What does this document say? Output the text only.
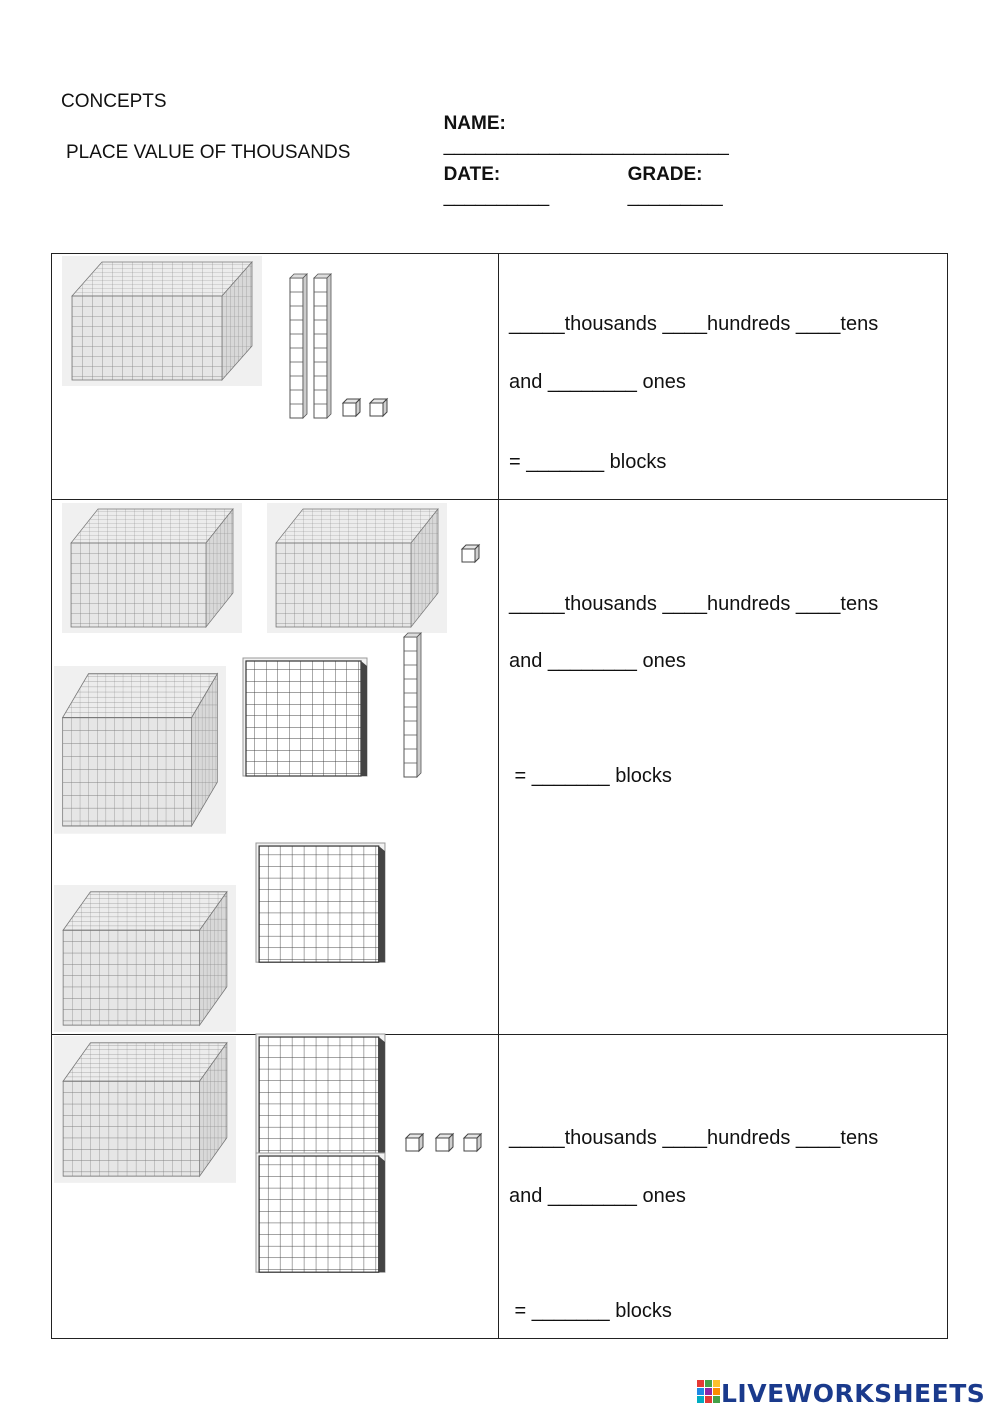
CONCEPTS
PLACE VALUE OF THOUSANDS

NAME:
___________________________

DATE:
__________

GRADE:
_________

_____thousands ____hundreds ____tens
and ________ ones
= _______ blocks
_____thousands ____hundreds ____tens
and ________ ones
= _______ blocks
_____thousands ____hundreds ____tens
and ________ ones
= _______ blocks
LIVEWORKSHEETS
